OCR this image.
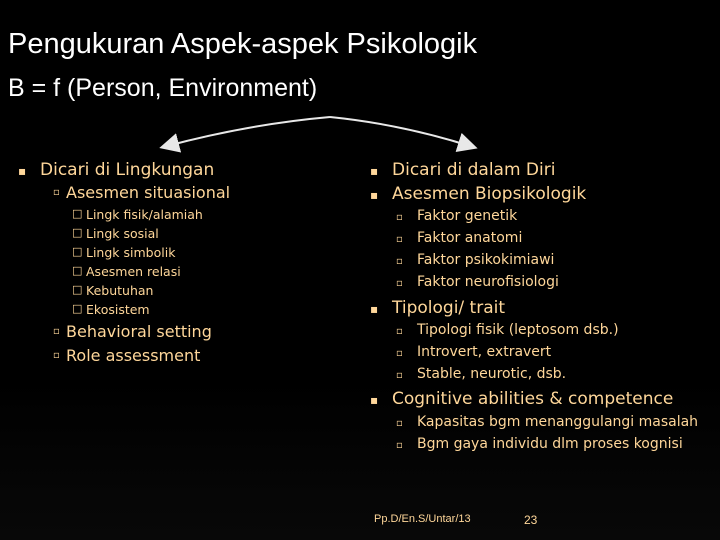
Pengukuran Aspek-aspek Psikologik
B = f (Person, Environment)
▪ Dicari di Lingkungan
▫ Asesmen situasional
□ Lingk fisik/alamiah
□ Lingk sosial
□ Lingk simbolik
□ Asesmen relasi
□ Kebutuhan
□ Ekosistem
▫ Behavioral setting
▫ Role assessment
▪ Dicari di dalam Diri
▪ Asesmen Biopsikologik
▫ Faktor genetik
▫ Faktor anatomi
▫ Faktor psikokimiawi
▫ Faktor neurofisiologi
▪ Tipologi/ trait
▫ Tipologi fisik (leptosom dsb.)
▫ Introvert, extravert
▫ Stable, neurotic, dsb.
▪ Cognitive abilities & competence
▫ Kapasitas bgm menanggulangi masalah
▫ Bgm gaya individu dlm proses kognisi
Pp.D/En.S/Untar/13	23
